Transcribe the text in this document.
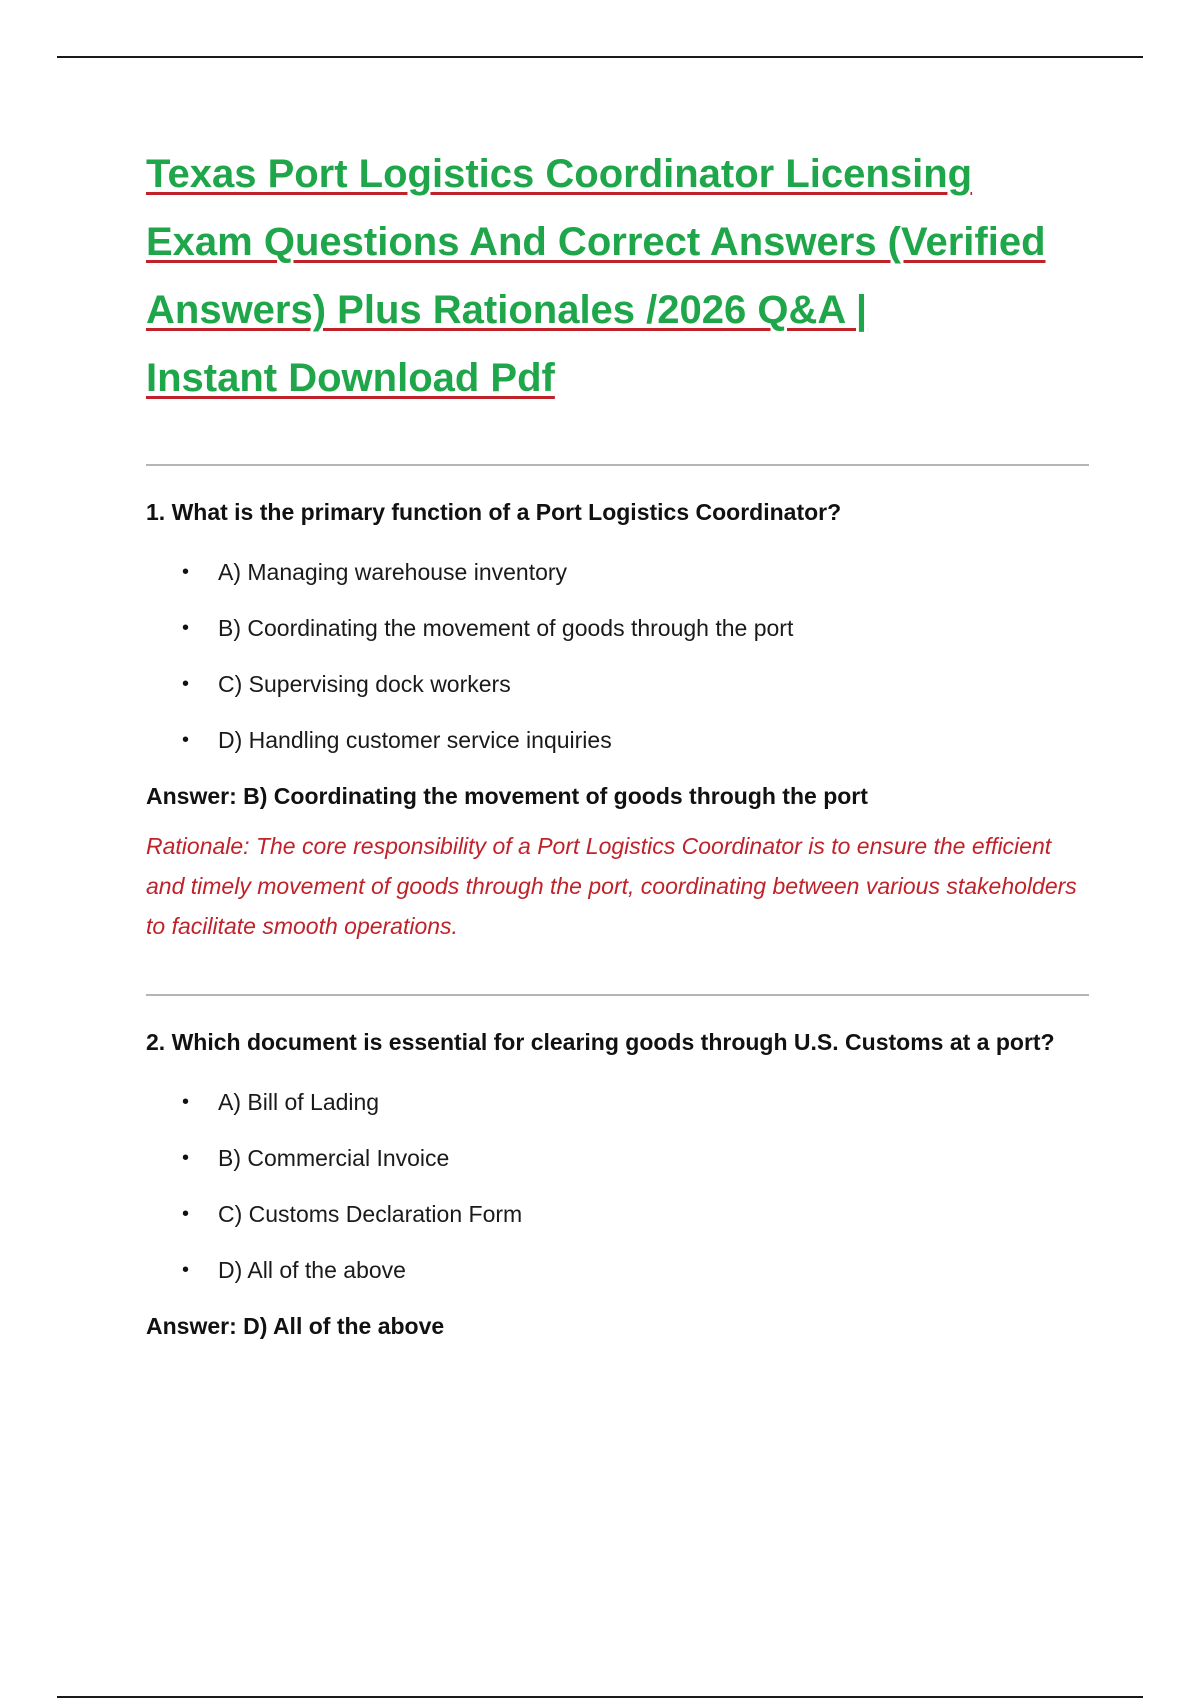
Texas Port Logistics Coordinator Licensing
Exam Questions And Correct Answers (Verified
Answers) Plus Rationales /2026 Q&A |
Instant Download Pdf

1. What is the primary function of a Port Logistics Coordinator?

• A) Managing warehouse inventory
• B) Coordinating the movement of goods through the port
• C) Supervising dock workers
• D) Handling customer service inquiries

Answer: B) Coordinating the movement of goods through the port

Rationale: The core responsibility of a Port Logistics Coordinator is to ensure the efficient and timely movement of goods through the port, coordinating between various stakeholders to facilitate smooth operations.

2. Which document is essential for clearing goods through U.S. Customs at a port?

• A) Bill of Lading
• B) Commercial Invoice
• C) Customs Declaration Form
• D) All of the above

Answer: D) All of the above
